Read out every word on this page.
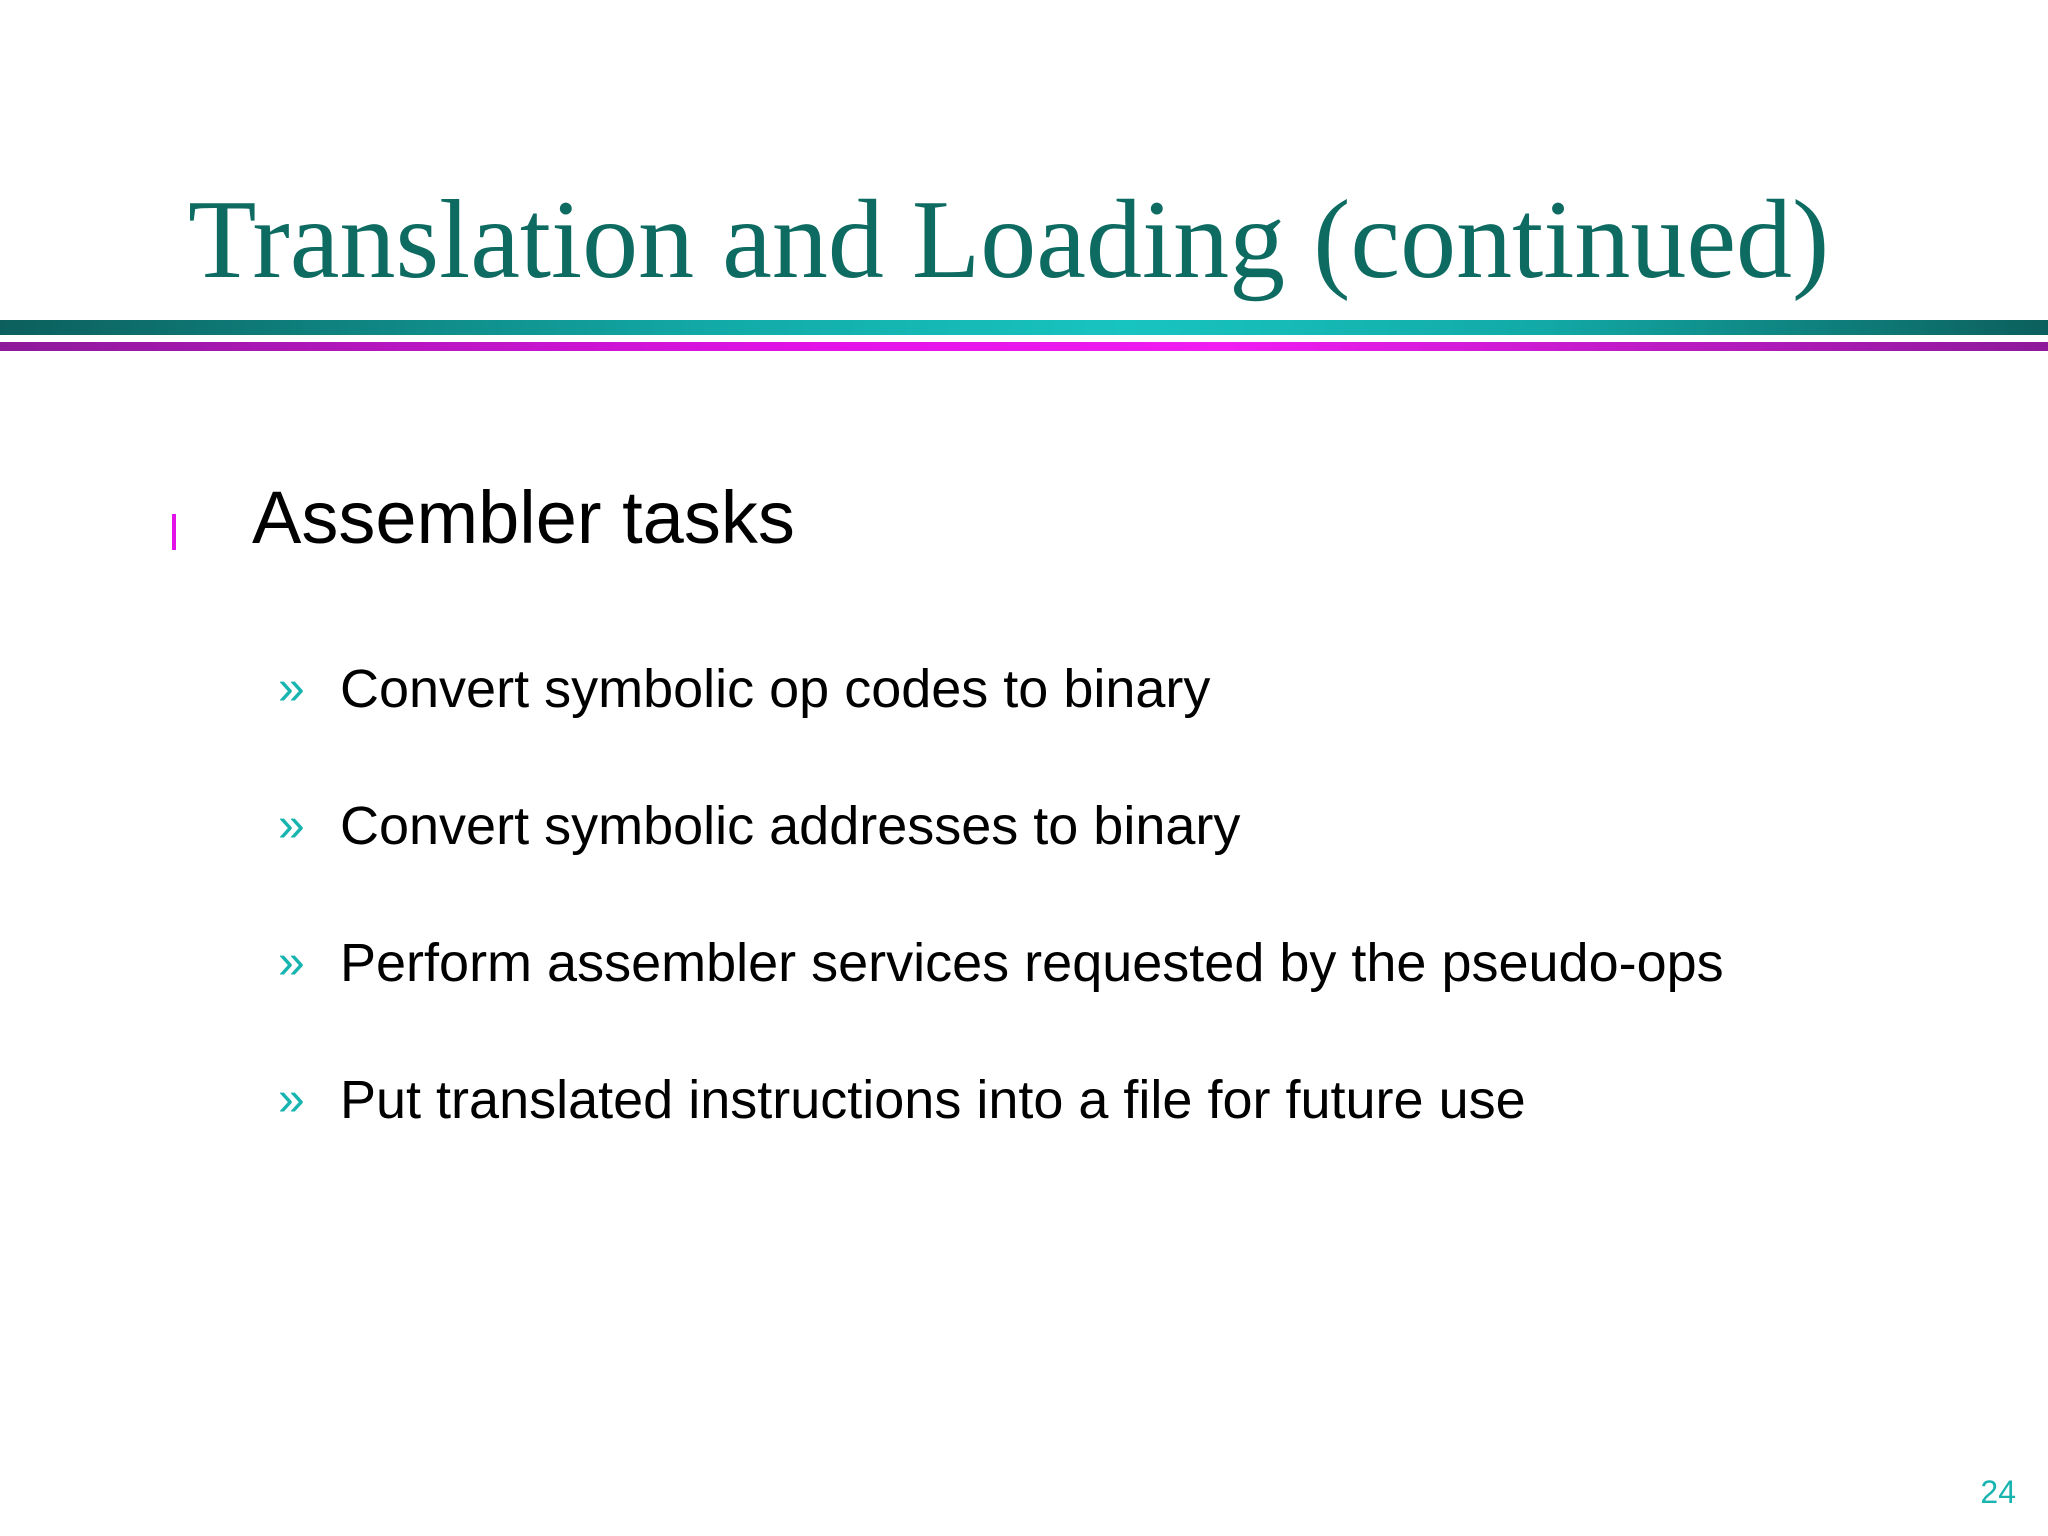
Translation and Loading (continued)
Assembler tasks
» Convert symbolic op codes to binary
» Convert symbolic addresses to binary
» Perform assembler services requested by the pseudo-ops
» Put translated instructions into a file for future use
24
